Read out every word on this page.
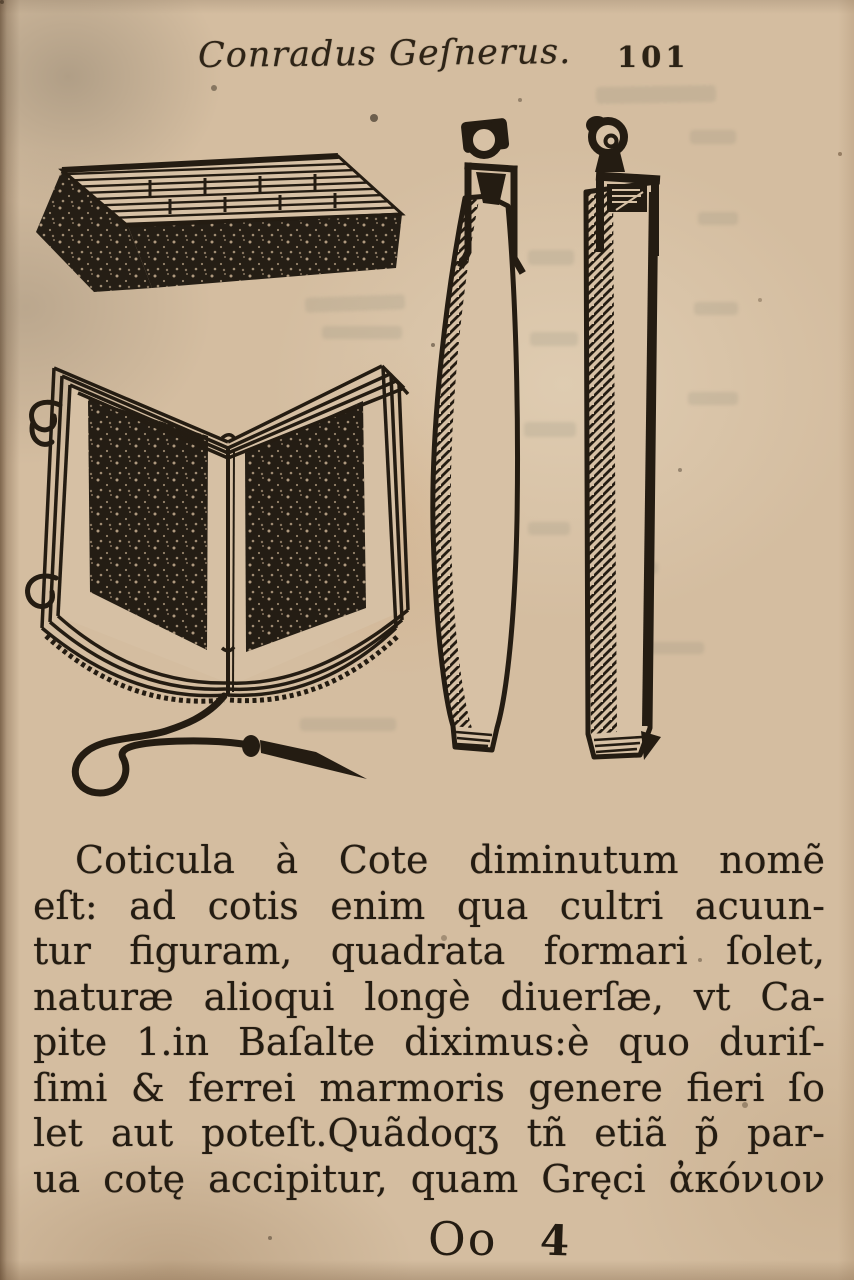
Conradus Geſnerus. 101
Coticula à Cote diminutum nomẽ
eſt: ad cotis enim qua cultri acuun-
tur figuram, quadrata formari ſolet,
naturæ alioqui longè diuerſæ, vt Ca-
pite 1.in Baſalte diximus:è quo duriſ-
ſimi & ferrei marmoris genere fieri ſo
let aut poteſt.Quãdoqʒ tñ etiã p̃ par-
ua cotę accipitur, quam Gręci ἀκόνιον
Oo 4
